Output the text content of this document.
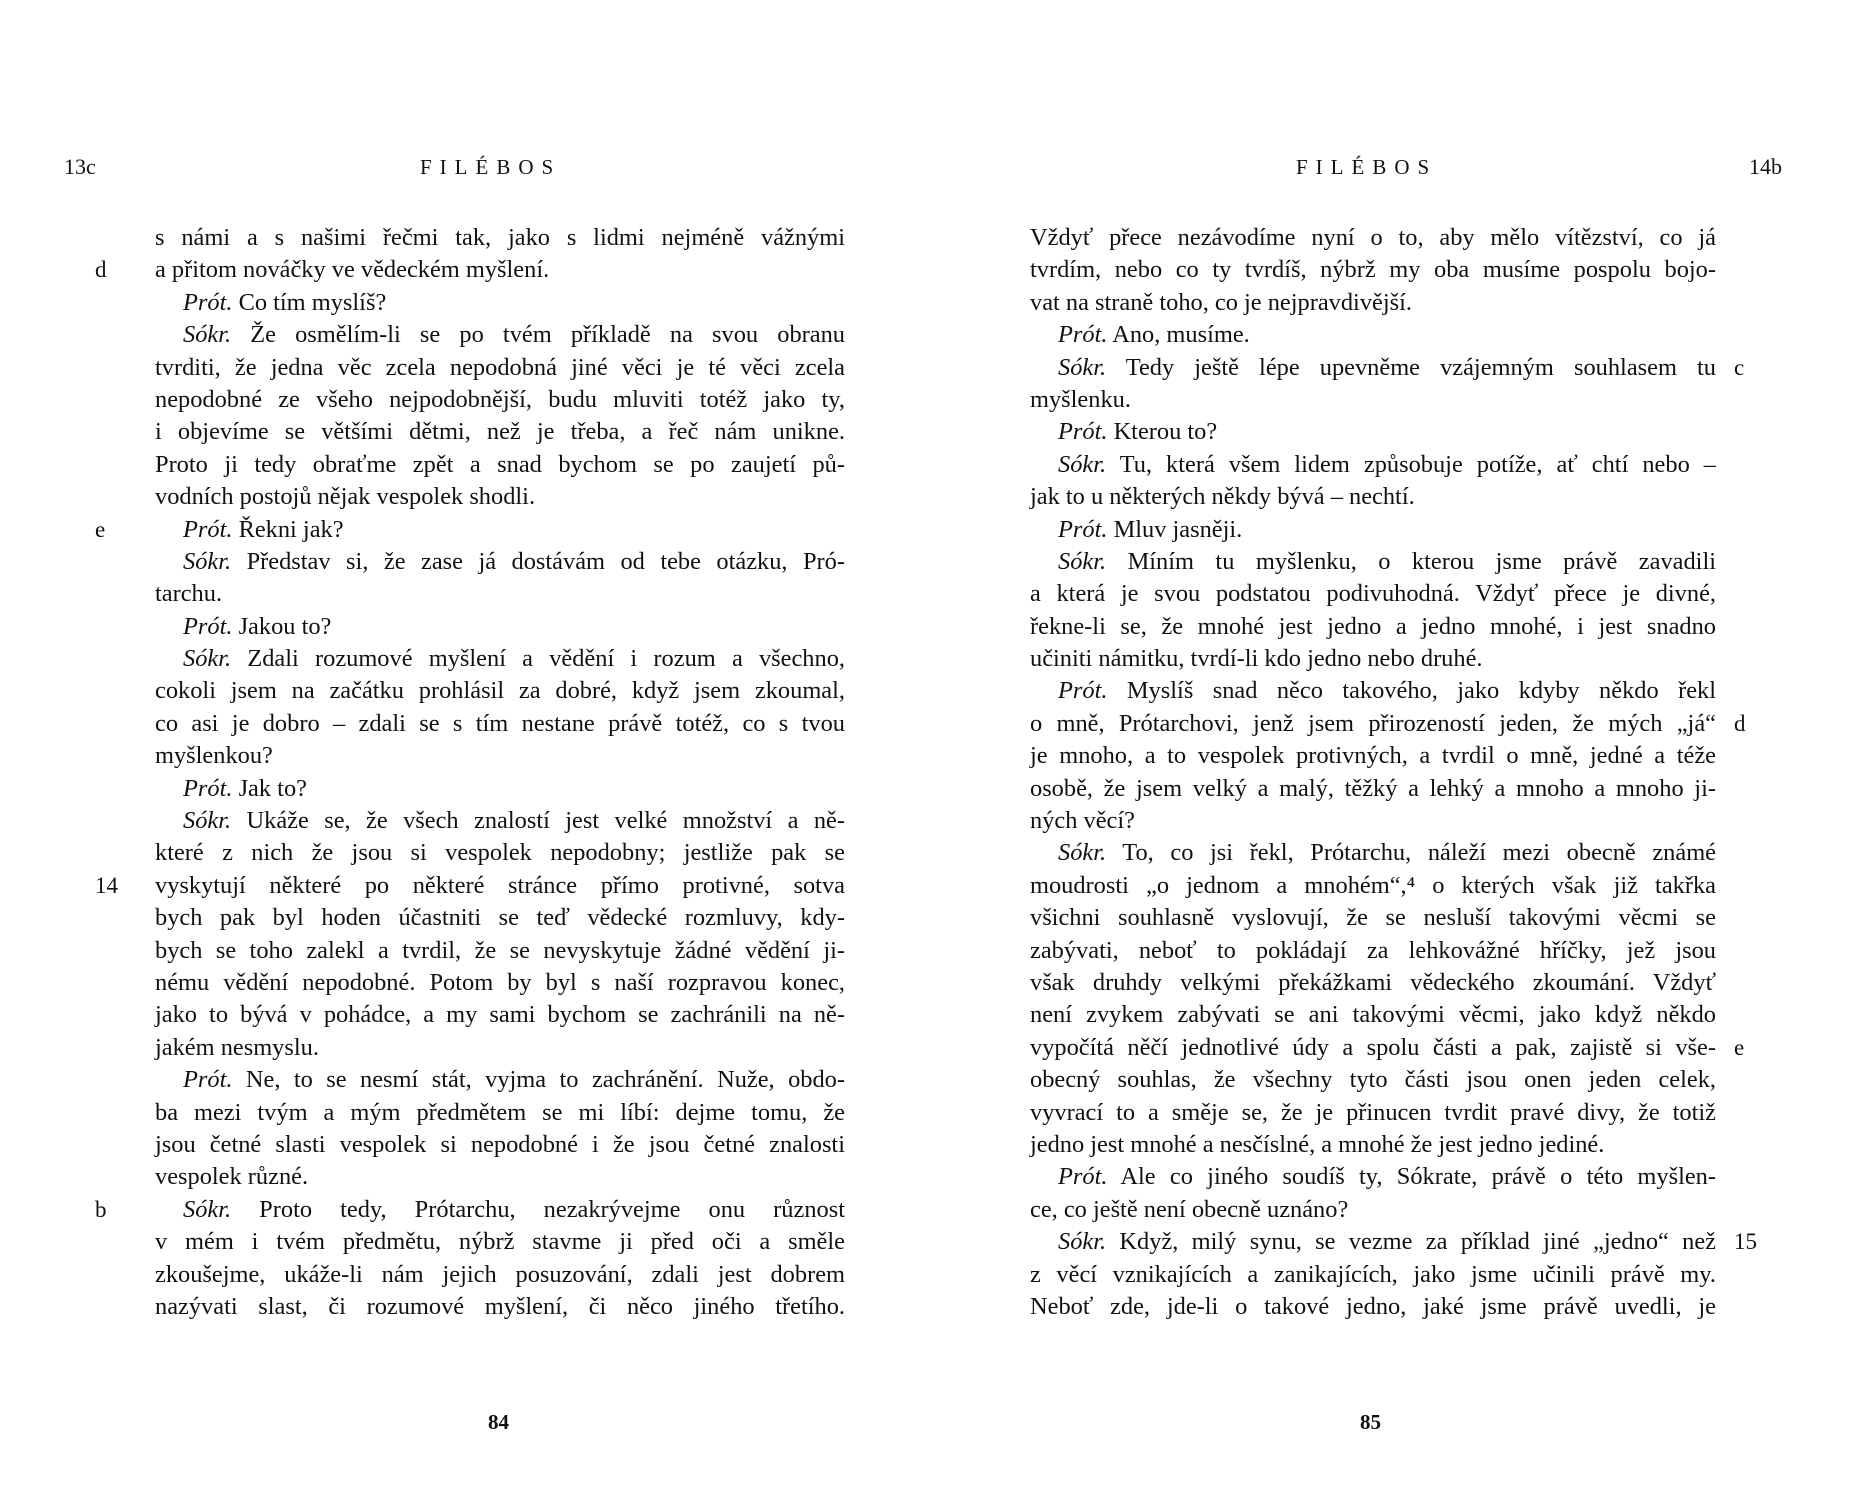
13c	FILÉBOS
s námi a s našimi řečmi tak, jako s lidmi nejméně vážnými
a přitom nováčky ve vědeckém myšlení.
d
Prót. Co tím myslíš?
Sókr. Že osmělím-li se po tvém příkladě na svou obranu
tvrditi, že jedna věc zcela nepodobná jiné věci je té věci zcela
nepodobné ze všeho nejpodobnější, budu mluviti totéž jako ty,
i objevíme se většími dětmi, než je třeba, a řeč nám unikne.
Proto ji tedy obraťme zpět a snad bychom se po zaujetí pů-
vodních postojů nějak vespolek shodli.
Prót. Řekni jak?
e
Sókr. Představ si, že zase já dostávám od tebe otázku, Pró-
tarchu.
Prót. Jakou to?
Sókr. Zdali rozumové myšlení a vědění i rozum a všechno,
cokoli jsem na začátku prohlásil za dobré, když jsem zkoumal,
co asi je dobro – zdali se s tím nestane právě totéž, co s tvou
myšlenkou?
Prót. Jak to?
Sókr. Ukáže se, že všech znalostí jest velké množství a ně-
které z nich že jsou si vespolek nepodobny; jestliže pak se
vyskytují některé po některé stránce přímo protivné, sotva
14
bych pak byl hoden účastniti se teď vědecké rozmluvy, kdy-
bych se toho zalekl a tvrdil, že se nevyskytuje žádné vědění ji-
nému vědění nepodobné. Potom by byl s naší rozpravou konec,
jako to bývá v pohádce, a my sami bychom se zachránili na ně-
jakém nesmyslu.
Prót. Ne, to se nesmí stát, vyjma to zachránění. Nuže, obdo-
ba mezi tvým a mým předmětem se mi líbí: dejme tomu, že
jsou četné slasti vespolek si nepodobné i že jsou četné znalosti
vespolek různé.
Sókr. Proto tedy, Prótarchu, nezakrývejme onu různost
b
v mém i tvém předmětu, nýbrž stavme ji před oči a směle
zkoušejme, ukáže-li nám jejich posuzování, zdali jest dobrem
nazývati slast, či rozumové myšlení, či něco jiného třetího.
84
FILÉBOS	14b
Vždyť přece nezávodíme nyní o to, aby mělo vítězství, co já
tvrdím, nebo co ty tvrdíš, nýbrž my oba musíme pospolu bojo-
vat na straně toho, co je nejpravdivější.
Prót. Ano, musíme.
Sókr. Tedy ještě lépe upevněme vzájemným souhlasem tu c
myšlenku.
Prót. Kterou to?
Sókr. Tu, která všem lidem způsobuje potíže, ať chtí nebo –
jak to u některých někdy bývá – nechtí.
Prót. Mluv jasněji.
Sókr. Míním tu myšlenku, o kterou jsme právě zavadili
a která je svou podstatou podivuhodná. Vždyť přece je divné,
řekne-li se, že mnohé jest jedno a jedno mnohé, i jest snadno
učiniti námitku, tvrdí-li kdo jedno nebo druhé.
Prót. Myslíš snad něco takového, jako kdyby někdo řekl
o mně, Prótarchovi, jenž jsem přirozeností jeden, že mých „já“ d
je mnoho, a to vespolek protivných, a tvrdil o mně, jedné a téže
osobě, že jsem velký a malý, těžký a lehký a mnoho a mnoho ji-
ných věcí?
Sókr. To, co jsi řekl, Prótarchu, náleží mezi obecně známé
moudrosti „o jednom a mnohém“,⁴ o kterých však již takřka
všichni souhlasně vyslovují, že se nesluší takovými věcmi se
zabývati, neboť to pokládají za lehkovážné hříčky, jež jsou
však druhdy velkými překážkami vědeckého zkoumání. Vždyť
není zvykem zabývati se ani takovými věcmi, jako když někdo
vypočítá něčí jednotlivé údy a spolu části a pak, zajistě si vše- e
obecný souhlas, že všechny tyto části jsou onen jeden celek,
vyvrací to a směje se, že je přinucen tvrdit pravé divy, že totiž
jedno jest mnohé a nesčíslné, a mnohé že jest jedno jediné.
Prót. Ale co jiného soudíš ty, Sókrate, právě o této myšlen-
ce, co ještě není obecně uznáno?
Sókr. Když, milý synu, se vezme za příklad jiné „jedno“ než 15
z věcí vznikajících a zanikajících, jako jsme učinili právě my.
Neboť zde, jde-li o takové jedno, jaké jsme právě uvedli, je
85
